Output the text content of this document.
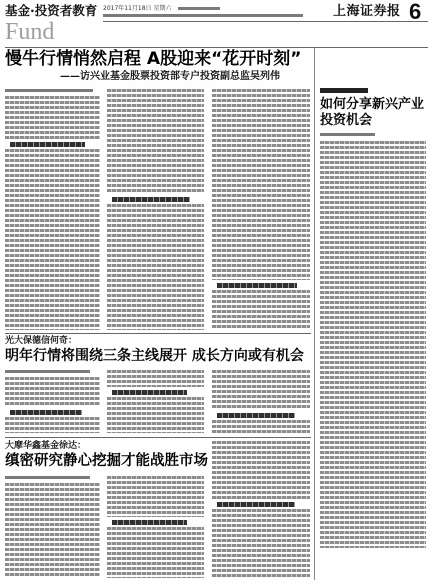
基金·投资者教育
Fund
2017年11月18日 星期六	上海证券报 6
慢牛行情悄然启程 A股迎来“花开时刻”
——访兴业基金股票投资部专户投资副总监吴列伟
如何分享新兴产业
投资机会
光大保德信何奇：
明年行情将围绕三条主线展开 成长方向或有机会
大摩华鑫基金徐达：
缜密研究静心挖掘才能战胜市场
